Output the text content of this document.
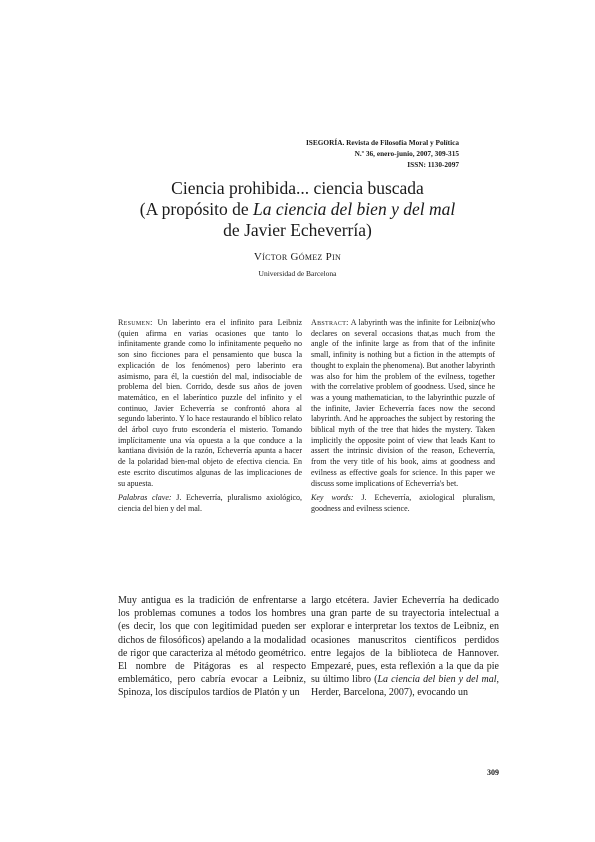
ISEGORÍA. Revista de Filosofía Moral y Política
N.º 36, enero-junio, 2007, 309-315
ISSN: 1130-2097
Ciencia prohibida... ciencia buscada
(A propósito de La ciencia del bien y del mal
de Javier Echeverría)
Víctor Gómez Pin
Universidad de Barcelona
Resumen: Un laberinto era el infinito para Leibniz (quien afirma en varias ocasiones que tanto lo infinitamente grande como lo infinitamente pequeño no son sino ficciones para el pensamiento que busca la explicación de los fenómenos) pero laberinto era asimismo, para él, la cuestión del mal, indisociable de problema del bien. Corrido, desde sus años de joven matemático, en el laberíntico puzzle del infinito y el continuo, Javier Echeverría se confrontó ahora al segundo laberinto. Y lo hace restaurando el bíblico relato del árbol cuyo fruto escondería el misterio. Tomando implícitamente una vía opuesta a la que conduce a la kantiana división de la razón, Echeverría apunta a hacer de la polaridad bien-mal objeto de efectiva ciencia. En este escrito discutimos algunas de las implicaciones de su apuesta.
Palabras clave: J. Echeverría, pluralismo axiológico, ciencia del bien y del mal.
Abstract: A labyrinth was the infinite for Leibniz(who declares on several occasions that,as much from the angle of the infinite large as from that of the infinite small, infinity is nothing but a fiction in the attempts of thought to explain the phenomena). But another labyrinth was also for him the problem of the evilness, together with the correlative problem of goodness. Used, since he was a young mathematician, to the labyrinthic puzzle of the infinite, Javier Echeverría faces now the second labyrinth. And he approaches the subject by restoring the biblical myth of the tree that hides the mystery. Taken implicitly the opposite point of view that leads Kant to assert the intrinsic division of the reason, Echeverría, from the very title of his book, aims at goodness and evilness as effective goals for science. In this paper we discuss some implications of Echeverría's bet.
Key words: J. Echeverría, axiological pluralism, goodness and evilness science.
Muy antigua es la tradición de enfrentarse a los problemas comunes a todos los hombres (es decir, los que con legitimidad pueden ser dichos de filosóficos) apelando a la modalidad de rigor que caracteriza al método geométrico. El nombre de Pitágoras es al respecto emblemático, pero cabría evocar a Leibniz, Spinoza, los discípulos tardíos de Platón y un
largo etcétera. Javier Echeverría ha dedicado una gran parte de su trayectoria intelectual a explorar e interpretar los textos de Leibniz, en ocasiones manuscritos científicos perdidos entre legajos de la biblioteca de Hannover. Empezaré, pues, esta reflexión a la que da pie su último libro (La ciencia del bien y del mal, Herder, Barcelona, 2007), evocando un
309
